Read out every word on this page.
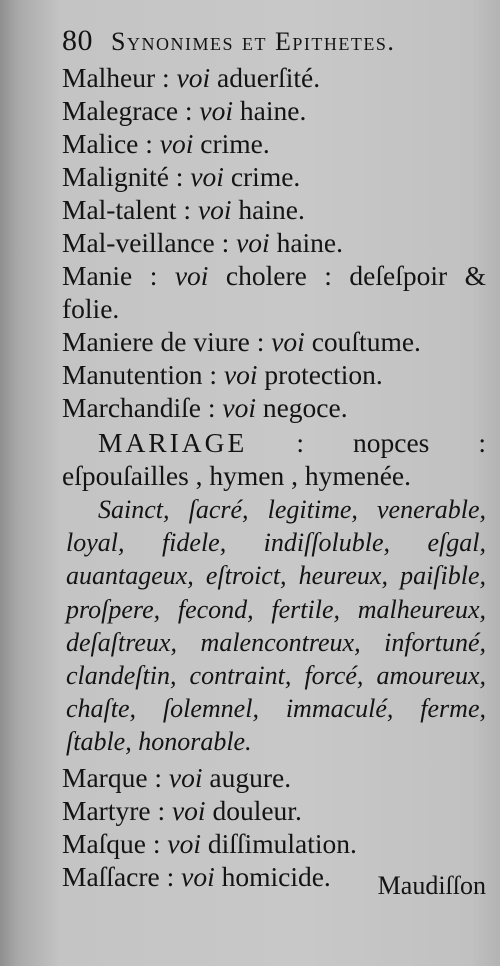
80 Synonimes et Epithetes.
Malheur : voi aduerſité.
Malegrace : voi haine.
Malice : voi crime.
Malignité : voi crime.
Mal-talent : voi haine.
Mal-veillance : voi haine.
Manie : voi cholere : deſeſpoir & folie.
Maniere de viure : voi couſtume.
Manutention : voi protection.
Marchandiſe : voi negoce.
MARIAGE : nopces : eſpouſailles , hymen , hymenée.
Sainct, ſacré, legitime, venerable, loyal, fidele, indiſſoluble, eſgal, auantageux, eſtroict, heureux, paiſible, proſpere, fecond, fertile, malheureux, deſaſtreux, malencontreux, infortuné, clandeſtin, contraint, forcé, amoureux, chaſte, ſolemnel, immaculé, ferme, ſtable, honorable.
Marque : voi augure.
Martyre : voi douleur.
Maſque : voi diſſimulation.
Maſſacre : voi homicide.	Maudiſſon
